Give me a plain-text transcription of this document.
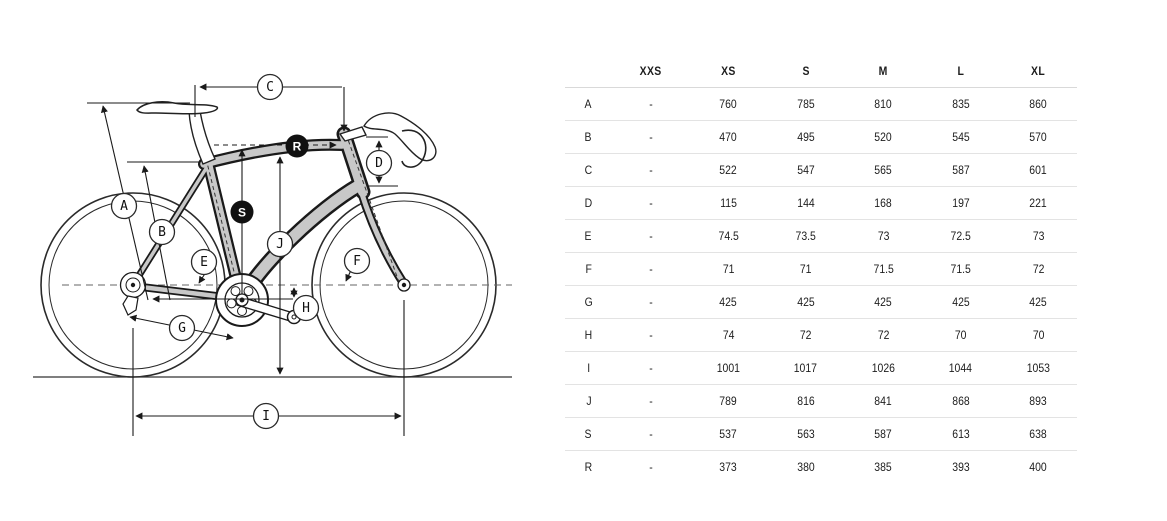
A
B
C
D
E	F
G
H
I
J
S
R
XXS	XS	S	M	L	XL
A	-	760	785	810	835	860
B	-	470	495	520	545	570
C	-	522	547	565	587	601
D	-	115	144	168	197	221
E	-	74.5	73.5	73	72.5	73
F	-	71	71	71.5	71.5	72
G	-	425	425	425	425	425
H	-	74	72	72	70	70
I	-	1001	1017	1026	1044	1053
J	-	789	816	841	868	893
S	-	537	563	587	613	638
R	-	373	380	385	393	400
